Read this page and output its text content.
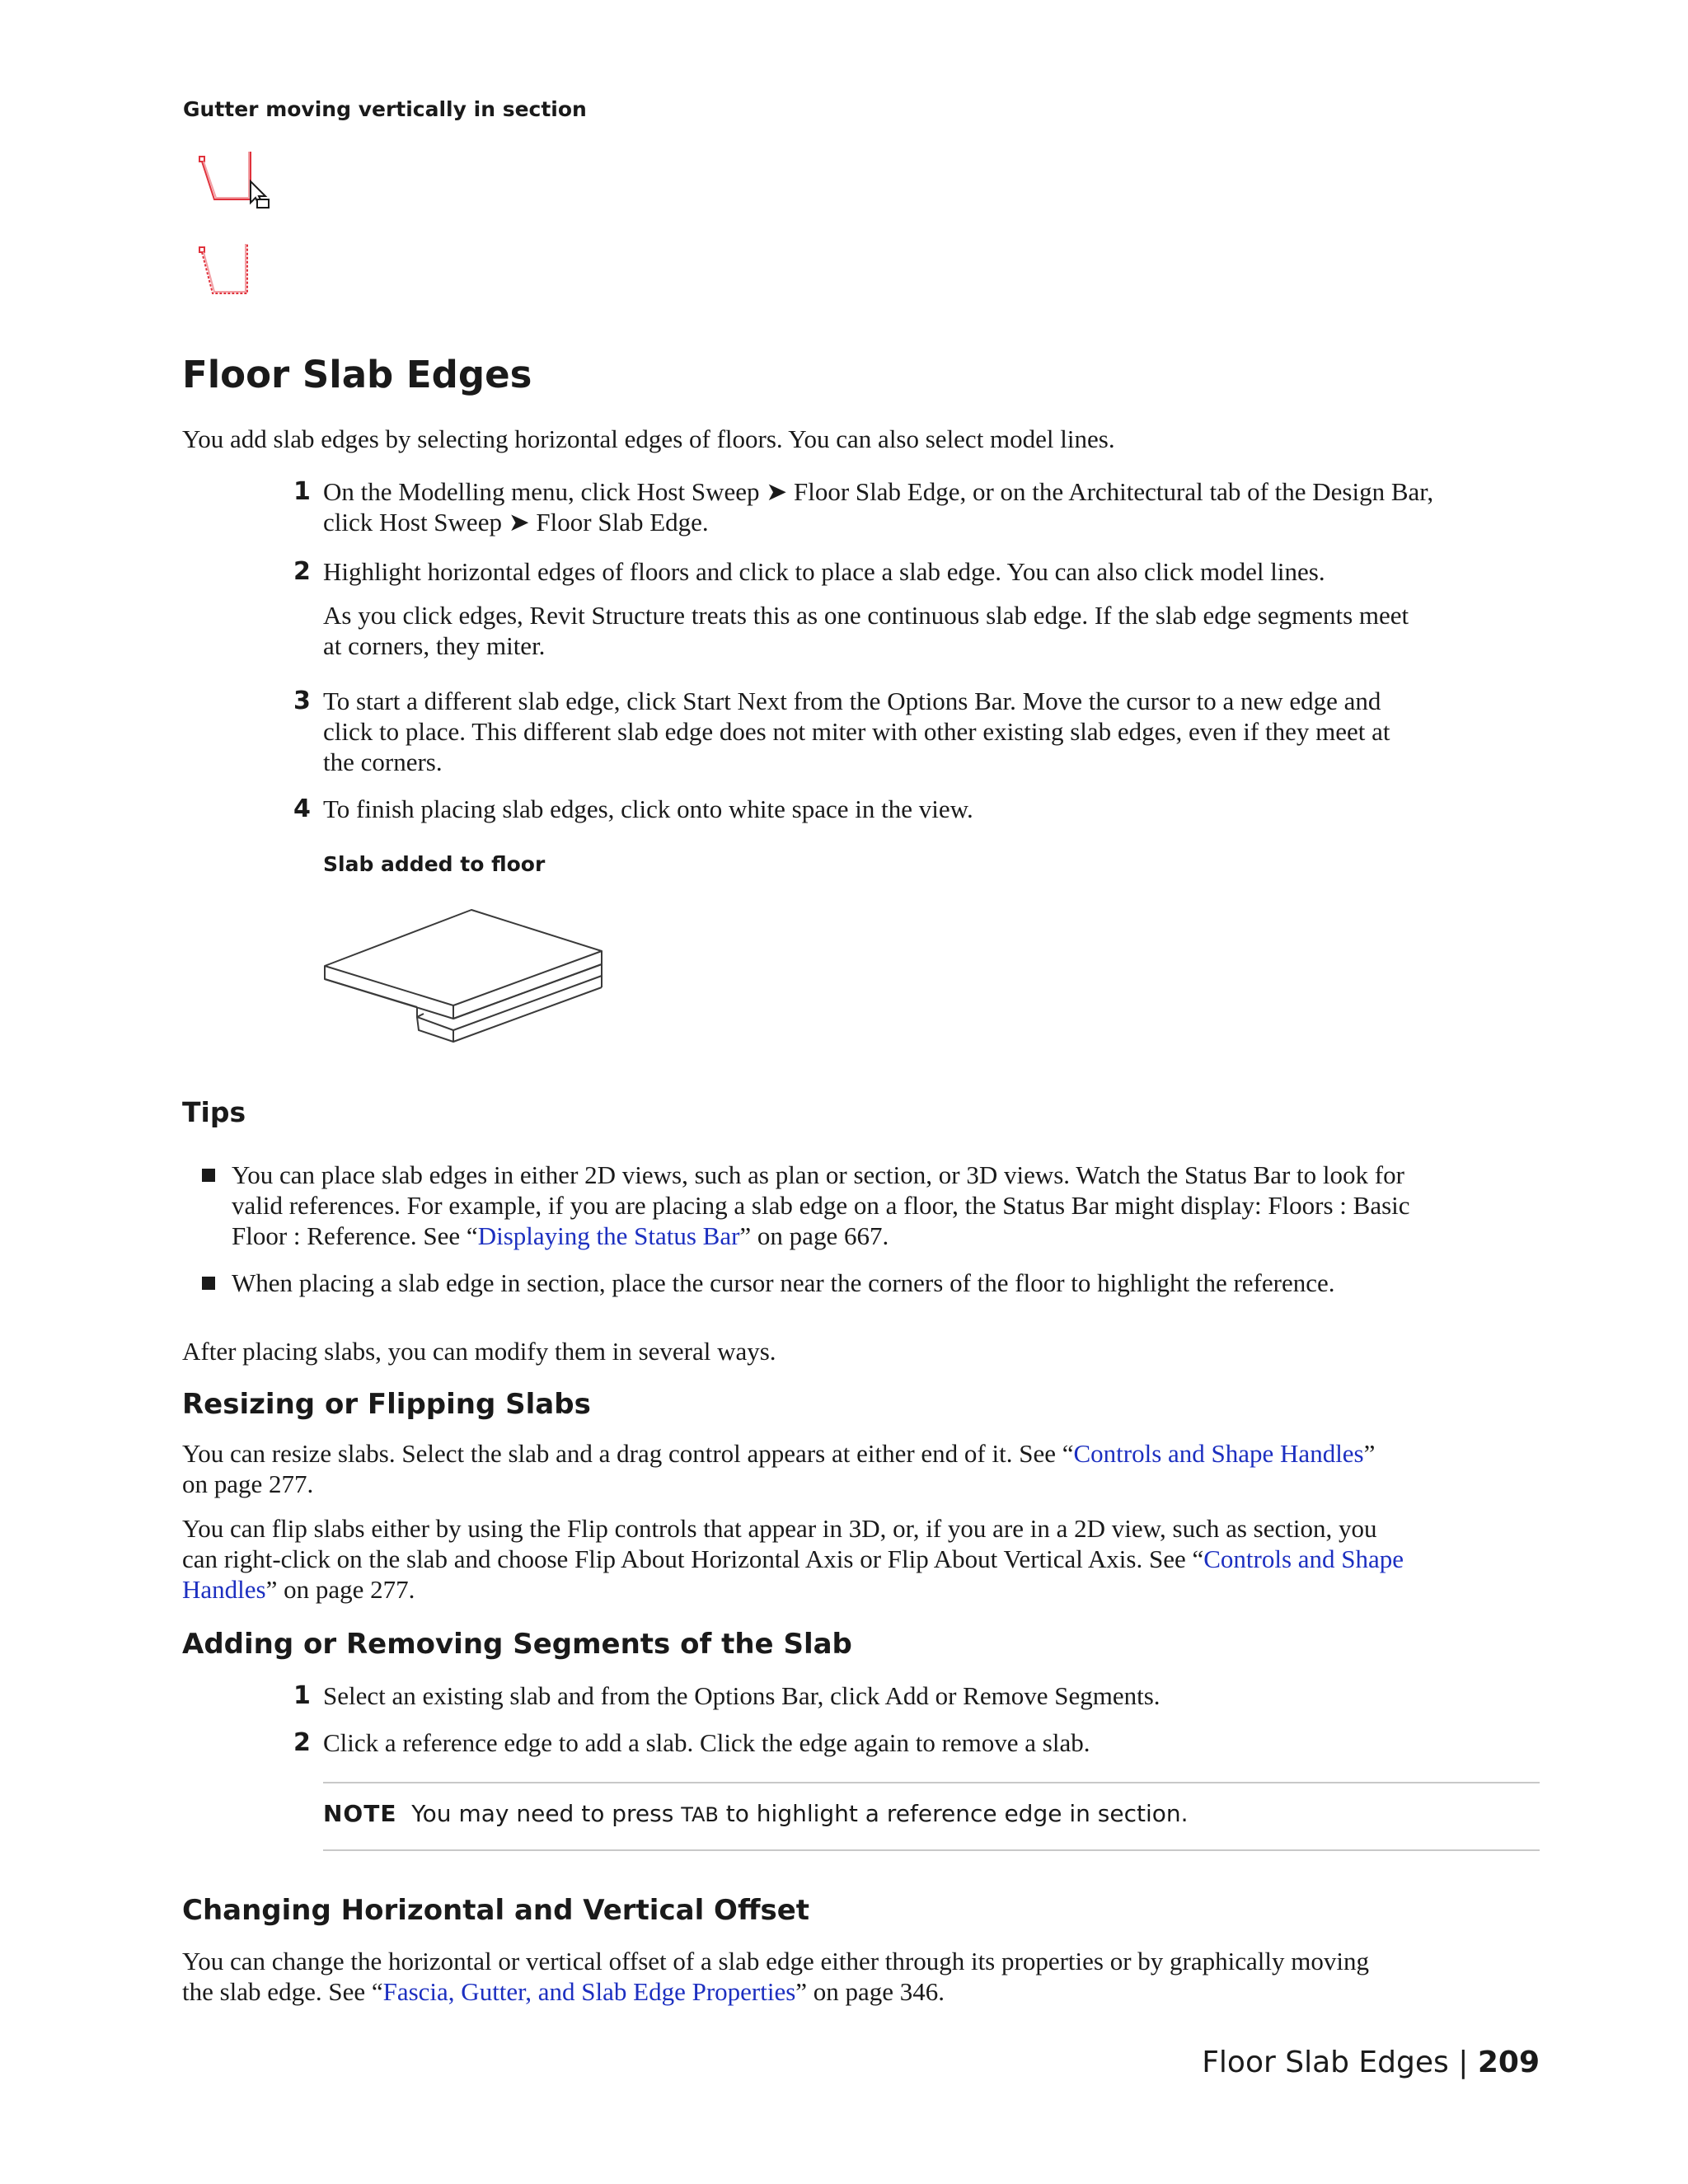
Gutter moving vertically in section
Floor Slab Edges

You add slab edges by selecting horizontal edges of floors. You can also select model lines.

1 On the Modelling menu, click Host Sweep ➤ Floor Slab Edge, or on the Architectural tab of the Design Bar,
click Host Sweep ➤ Floor Slab Edge.
2 Highlight horizontal edges of floors and click to place a slab edge. You can also click model lines.
As you click edges, Revit Structure treats this as one continuous slab edge. If the slab edge segments meet
at corners, they miter.
3 To start a different slab edge, click Start Next from the Options Bar. Move the cursor to a new edge and
click to place. This different slab edge does not miter with other existing slab edges, even if they meet at
the corners.
4 To finish placing slab edges, click onto white space in the view.
Slab added to floor
Tips
You can place slab edges in either 2D views, such as plan or section, or 3D views. Watch the Status Bar to look for
valid references. For example, if you are placing a slab edge on a floor, the Status Bar might display: Floors : Basic
Floor : Reference. See “Displaying the Status Bar” on page 667.
When placing a slab edge in section, place the cursor near the corners of the floor to highlight the reference.

After placing slabs, you can modify them in several ways.

Resizing or Flipping Slabs
You can resize slabs. Select the slab and a drag control appears at either end of it. See “Controls and Shape Handles”
on page 277.
You can flip slabs either by using the Flip controls that appear in 3D, or, if you are in a 2D view, such as section, you
can right-click on the slab and choose Flip About Horizontal Axis or Flip About Vertical Axis. See “Controls and Shape
Handles” on page 277.
Adding or Removing Segments of the Slab
1 Select an existing slab and from the Options Bar, click Add or Remove Segments.
2 Click a reference edge to add a slab. Click the edge again to remove a slab.
NOTE You may need to press TAB to highlight a reference edge in section.
Changing Horizontal and Vertical Offset
You can change the horizontal or vertical offset of a slab edge either through its properties or by graphically moving
the slab edge. See “Fascia, Gutter, and Slab Edge Properties” on page 346.
Floor Slab Edges | 209
